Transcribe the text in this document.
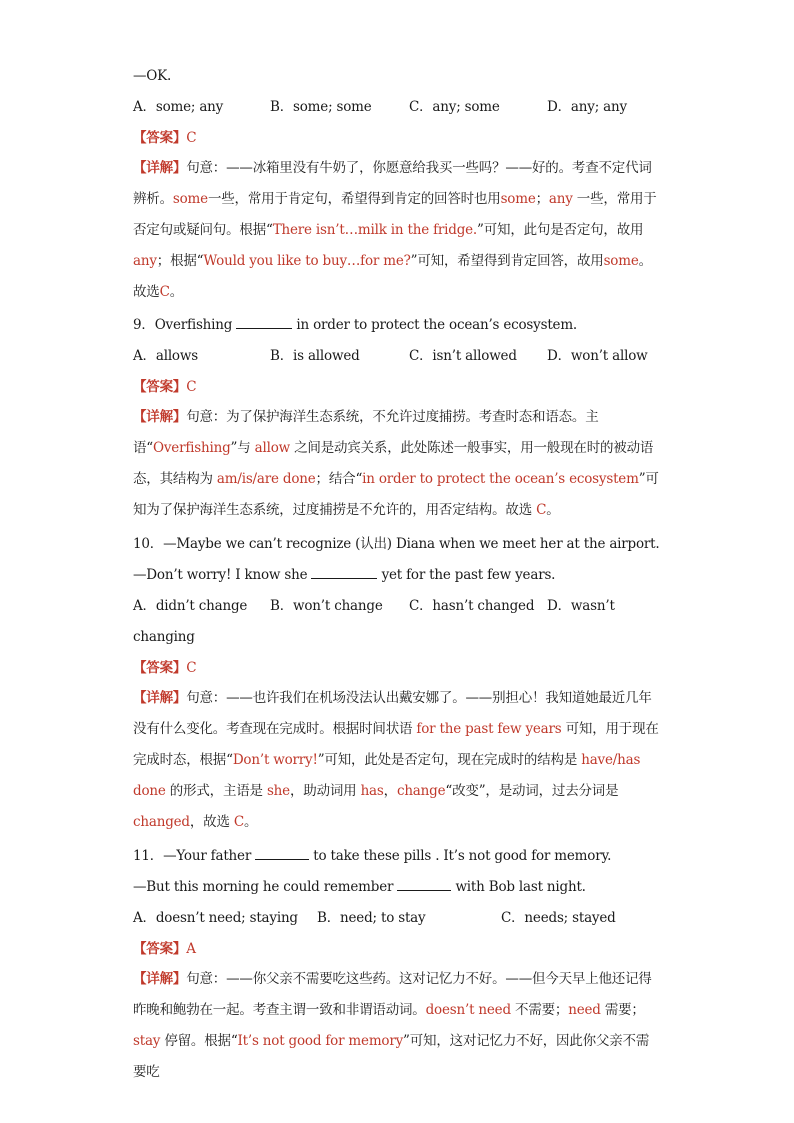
—OK.
A．some; any	B．some; some	C．any; some	D．any; any
【答案】C
【详解】句意：——冰箱里没有牛奶了，你愿意给我买一些吗？——好的。考查不定代词辨析。some一些，常用于肯定句，希望得到肯定的回答时也用some；any 一些，常用于否定句或疑问句。根据“There isn’t…milk in the fridge.”可知，此句是否定句，故用any；根据“Would you like to buy…for me?”可知，希望得到肯定回答，故用some。故选C。
9．Overfishing	in order to protect the ocean’s ecosystem.
A．allows	B．is allowed	C．isn’t allowed D．won’t allow
【答案】C
【详解】句意：为了保护海洋生态系统，不允许过度捕捞。考查时态和语态。主语“Overfishing”与 allow 之间是动宾关系，此处陈述一般事实，用一般现在时的被动语态，其结构为 am/is/are done；结合“in order to protect the ocean’s ecosystem”可知为了保护海洋生态系统，过度捕捞是不允许的，用否定结构。故选 C。
10．—Maybe we can’t recognize (认出) Diana when we meet her at the airport.
—Don’t worry! I know she	yet for the past few years.
A．didn’t change B．won’t change C．hasn’t changed D．wasn’t
changing
【答案】C
【详解】句意：——也许我们在机场没法认出戴安娜了。——别担心！我知道她最近几年没有什么变化。考查现在完成时。根据时间状语 for the past few years 可知，用于现在完成时态，根据“Don’t worry!”可知，此处是否定句，现在完成时的结构是 have/has done 的形式，主语是 she，助动词用 has，change“改变”，是动词，过去分词是 changed，故选 C。
11．—Your father	to take these pills . It’s not good for memory.
—But this morning he could remember	with Bob last night.
A．doesn’t need; staying B．need; to stay	C．needs; stayed
【答案】A
【详解】句意：——你父亲不需要吃这些药。这对记忆力不好。——但今天早上他还记得昨晚和鲍勃在一起。考查主谓一致和非谓语动词。doesn’t need 不需要；need 需要；stay 停留。根据“It’s not good for memory”可知，这对记忆力不好，因此你父亲不需要吃
